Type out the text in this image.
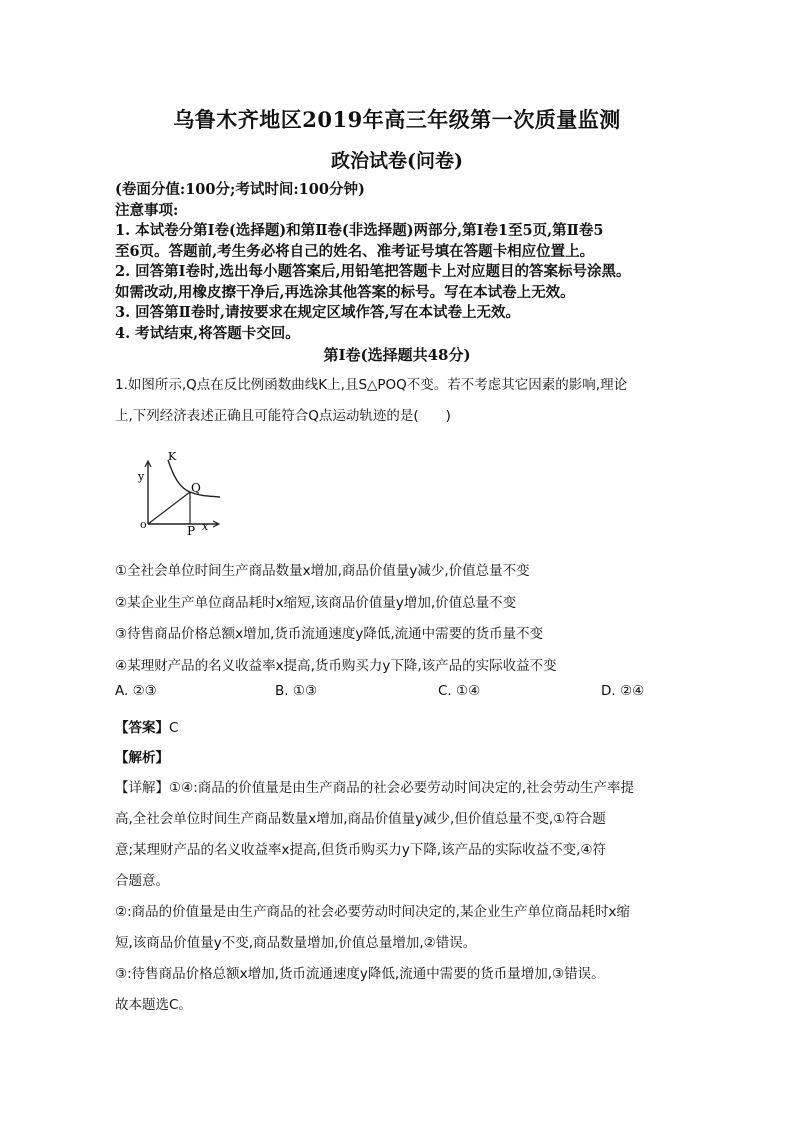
乌鲁木齐地区2019年高三年级第一次质量监测
政治试卷(问卷)
(卷面分值:100分;考试时间:100分钟)
注意事项:
1. 本试卷分第Ⅰ卷(选择题)和第Ⅱ卷(非选择题)两部分,第Ⅰ卷1至5页,第Ⅱ卷5
至6页。答题前,考生务必将自己的姓名、准考证号填在答题卡相应位置上。
2. 回答第Ⅰ卷时,选出每小题答案后,用铅笔把答题卡上对应题目的答案标号涂黑。
如需改动,用橡皮擦干净后,再选涂其他答案的标号。写在本试卷上无效。
3. 回答第Ⅱ卷时,请按要求在规定区域作答,写在本试卷上无效。
4. 考试结束,将答题卡交回。
第Ⅰ卷(选择题共48分)
1.如图所示,Q点在反比例函数曲线K上,且S△POQ不变。若不考虑其它因素的影响,理论
上,下列经济表述正确且可能符合Q点运动轨迹的是(　　)
y
K
Q
o	P x
①全社会单位时间生产商品数量x增加,商品价值量y减少,价值总量不变
②某企业生产单位商品耗时x缩短,该商品价值量y增加,价值总量不变
③待售商品价格总额x增加,货币流通速度y降低,流通中需要的货币量不变
④某理财产品的名义收益率x提高,货币购买力y下降,该产品的实际收益不变
A. ②③	B. ①③	C. ①④	D. ②④
【答案】C
【解析】
【详解】①④:商品的价值量是由生产商品的社会必要劳动时间决定的,社会劳动生产率提
高,全社会单位时间生产商品数量x增加,商品价值量y减少,但价值总量不变,①符合题
意;某理财产品的名义收益率x提高,但货币购买力y下降,该产品的实际收益不变,④符
合题意。
②:商品的价值量是由生产商品的社会必要劳动时间决定的,某企业生产单位商品耗时x缩
短,该商品价值量y不变,商品数量增加,价值总量增加,②错误。
③:待售商品价格总额x增加,货币流通速度y降低,流通中需要的货币量增加,③错误。
故本题选C。
